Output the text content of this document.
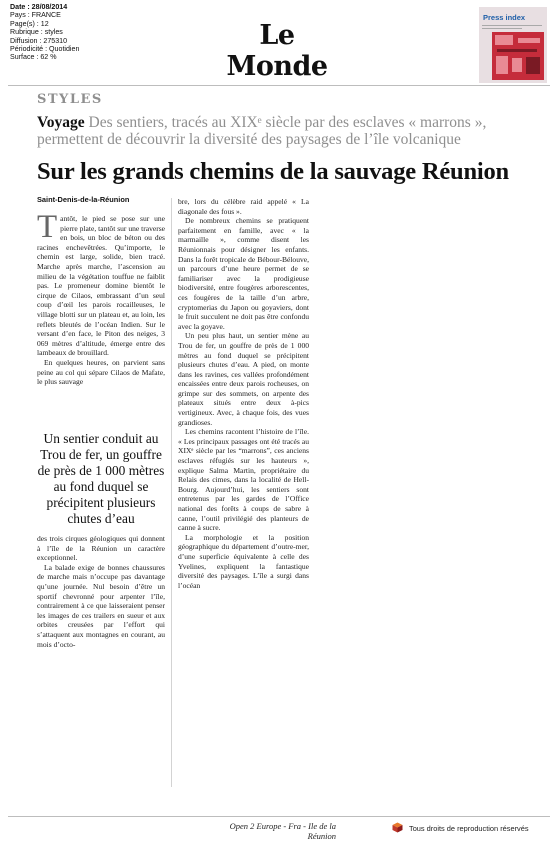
Date : 28/08/2014
Pays : FRANCE
Page(s) : 12
Rubrique : styles
Diffusion : 275310
Périodicité : Quotidien
Surface : 62 %
Le Monde
Press index
STYLES
Voyage Des sentiers, tracés au XIXᵉ siècle par des esclaves « marrons », permettent de découvrir la diversité des paysages de l’île volcanique
Sur les grands chemins de la sauvage Réunion
Saint-Denis-de-la-Réunion

Tantôt, le pied se pose sur une pierre plate, tantôt sur une traverse en bois, un bloc de béton ou des racines enchevêtrées. Qu’importe, le chemin est large, solide, bien tracé. Marche après marche, l’ascension au milieu de la végétation touffue ne faiblit pas. Le promeneur domine bientôt le cirque de Cilaos, embrassant d’un seul coup d’œil les parois rocailleuses, le village blotti sur un plateau et, au loin, les reflets bleutés de l’océan Indien. Sur le versant d’en face, le Piton des neiges, 3 069 mètres d’altitude, émerge entre des lambeaux de brouillard.

En quelques heures, on parvient sans peine au col qui sépare Cilaos de Mafate, le plus sauvage

Un sentier conduit au Trou de fer, un gouffre de près de 1 000 mètres au fond duquel se précipitent plusieurs chutes d’eau

des trois cirques géologiques qui donnent à l’île de la Réunion un caractère exceptionnel.

La balade exige de bonnes chaussures de marche mais n’occupe pas davantage qu’une journée. Nul besoin d’être un sportif chevronné pour arpenter l’île, contrairement à ce que laisseraient penser les images de ces trailers en sueur et aux orbites creusées par l’effort qui s’attaquent aux montagnes en courant, au mois d’octo-

bre, lors du célèbre raid appelé « La diagonale des fous ».

De nombreux chemins se pratiquent parfaitement en famille, avec « la marmaille », comme disent les Réunionnais pour désigner les enfants. Dans la forêt tropicale de Bébour-Bélouve, un parcours d’une heure permet de se familiariser avec la prodigieuse biodiversité, entre fougères arborescentes, ces fougères de la taille d’un arbre, cryptomerias du Japon ou goyaviers, dont le fruit succulent ne doit pas être confondu avec la goyave.

Un peu plus haut, un sentier mène au Trou de fer, un gouffre de près de 1 000 mètres au fond duquel se précipitent plusieurs chutes d’eau. A pied, on monte dans les ravines, ces vallées profondément encaissées entre deux parois rocheuses, on grimpe sur des sommets, on arpente des plateaux situés entre deux à-pics vertigineux. Avec, à chaque fois, des vues grandioses.

Les chemins racontent l’histoire de l’île. « Les principaux passages ont été tracés au XIXᵉ siècle par les “marrons”, ces anciens esclaves réfugiés sur les hauteurs », explique Salma Martin, propriétaire du Relais des cimes, dans la localité de Hell-Bourg. Aujourd’hui, les sentiers sont entretenus par les gardes de l’Office national des forêts à coups de sabre à canne, l’outil privilégié des planteurs de canne à sucre.

La morphologie et la position géographique du département d’outre-mer, d’une superficie équivalente à celle des Yvelines, expliquent la fantastique diversité des paysages. L’île a surgi dans l’océan

Open 2 Europe - Fra - Ile de la Réunion
Tous droits de reproduction réservés
